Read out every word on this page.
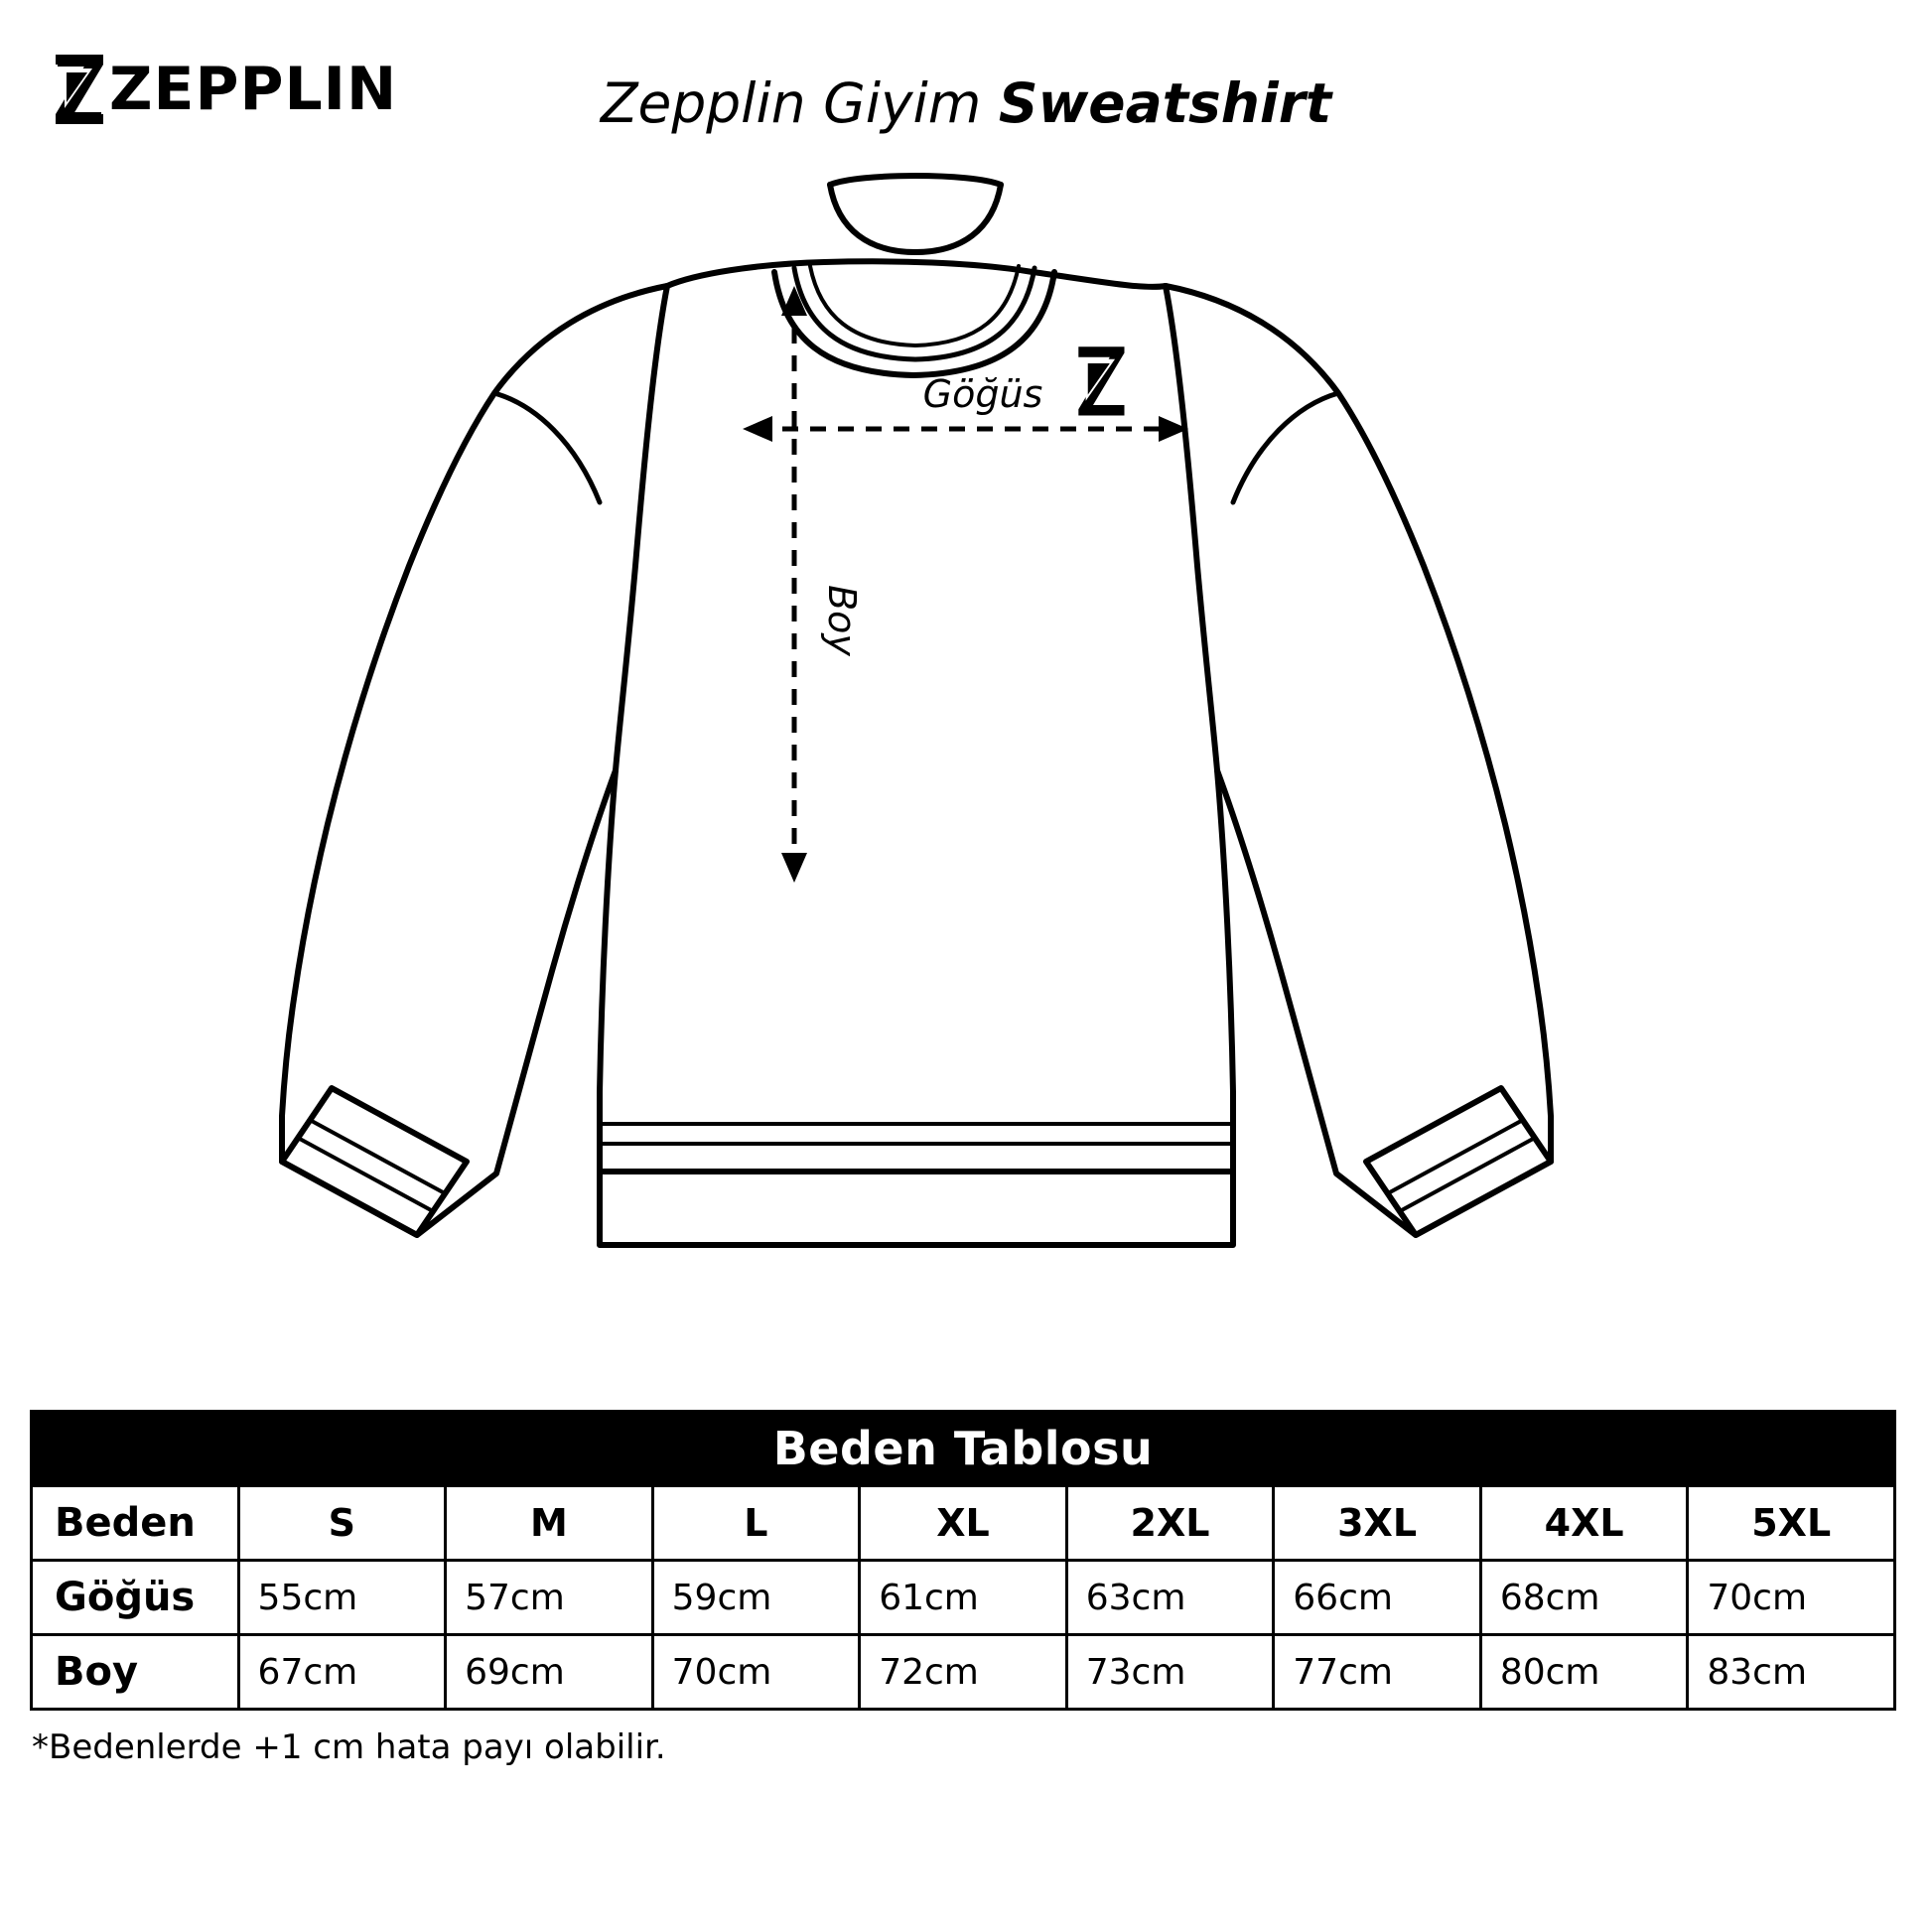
ZEPPLIN	Zepplin Giyim Sweatshirt
Göğüs
Boy
Beden Tablosu								
Beden	S	M	L	XL	2XL	3XL	4XL	5XL
Göğüs	55cm	57cm	59cm	61cm	63cm	66cm	68cm	70cm
Boy	67cm	69cm	70cm	72cm	73cm	77cm	80cm	83cm
*Bedenlerde +1 cm hata payı olabilir.
